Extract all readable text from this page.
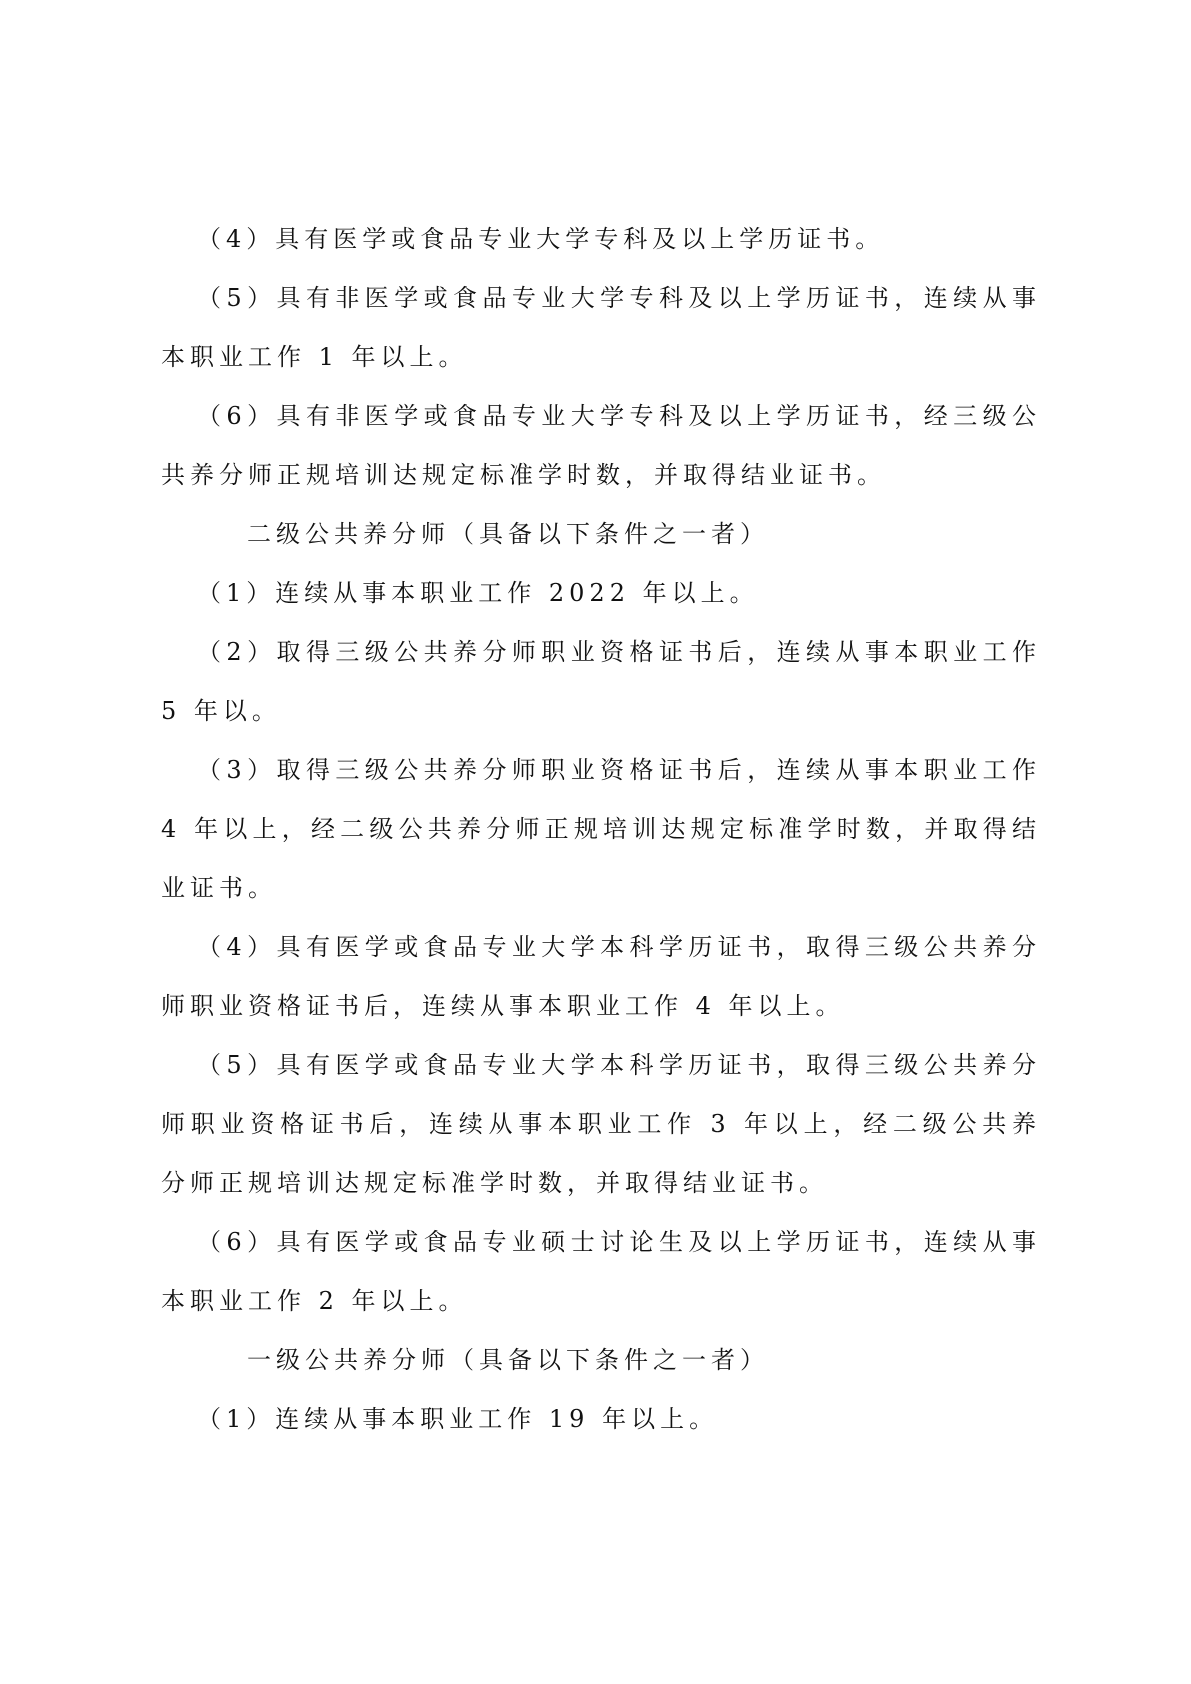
（4）具有医学或食品专业大学专科及以上学历证书。

（5）具有非医学或食品专业大学专科及以上学历证书，连续从事本职业工作 1 年以上。

（6）具有非医学或食品专业大学专科及以上学历证书，经三级公共养分师正规培训达规定标准学时数，并取得结业证书。

二级公共养分师（具备以下条件之一者）

（1）连续从事本职业工作 2022 年以上。

（2）取得三级公共养分师职业资格证书后，连续从事本职业工作 5 年以。

（3）取得三级公共养分师职业资格证书后，连续从事本职业工作 4 年以上，经二级公共养分师正规培训达规定标准学时数，并取得结业证书。

（4）具有医学或食品专业大学本科学历证书，取得三级公共养分师职业资格证书后，连续从事本职业工作 4 年以上。

（5）具有医学或食品专业大学本科学历证书，取得三级公共养分师职业资格证书后，连续从事本职业工作 3 年以上，经二级公共养分师正规培训达规定标准学时数，并取得结业证书。

（6）具有医学或食品专业硕士讨论生及以上学历证书，连续从事本职业工作 2 年以上。

一级公共养分师（具备以下条件之一者）

（1）连续从事本职业工作 19 年以上。
